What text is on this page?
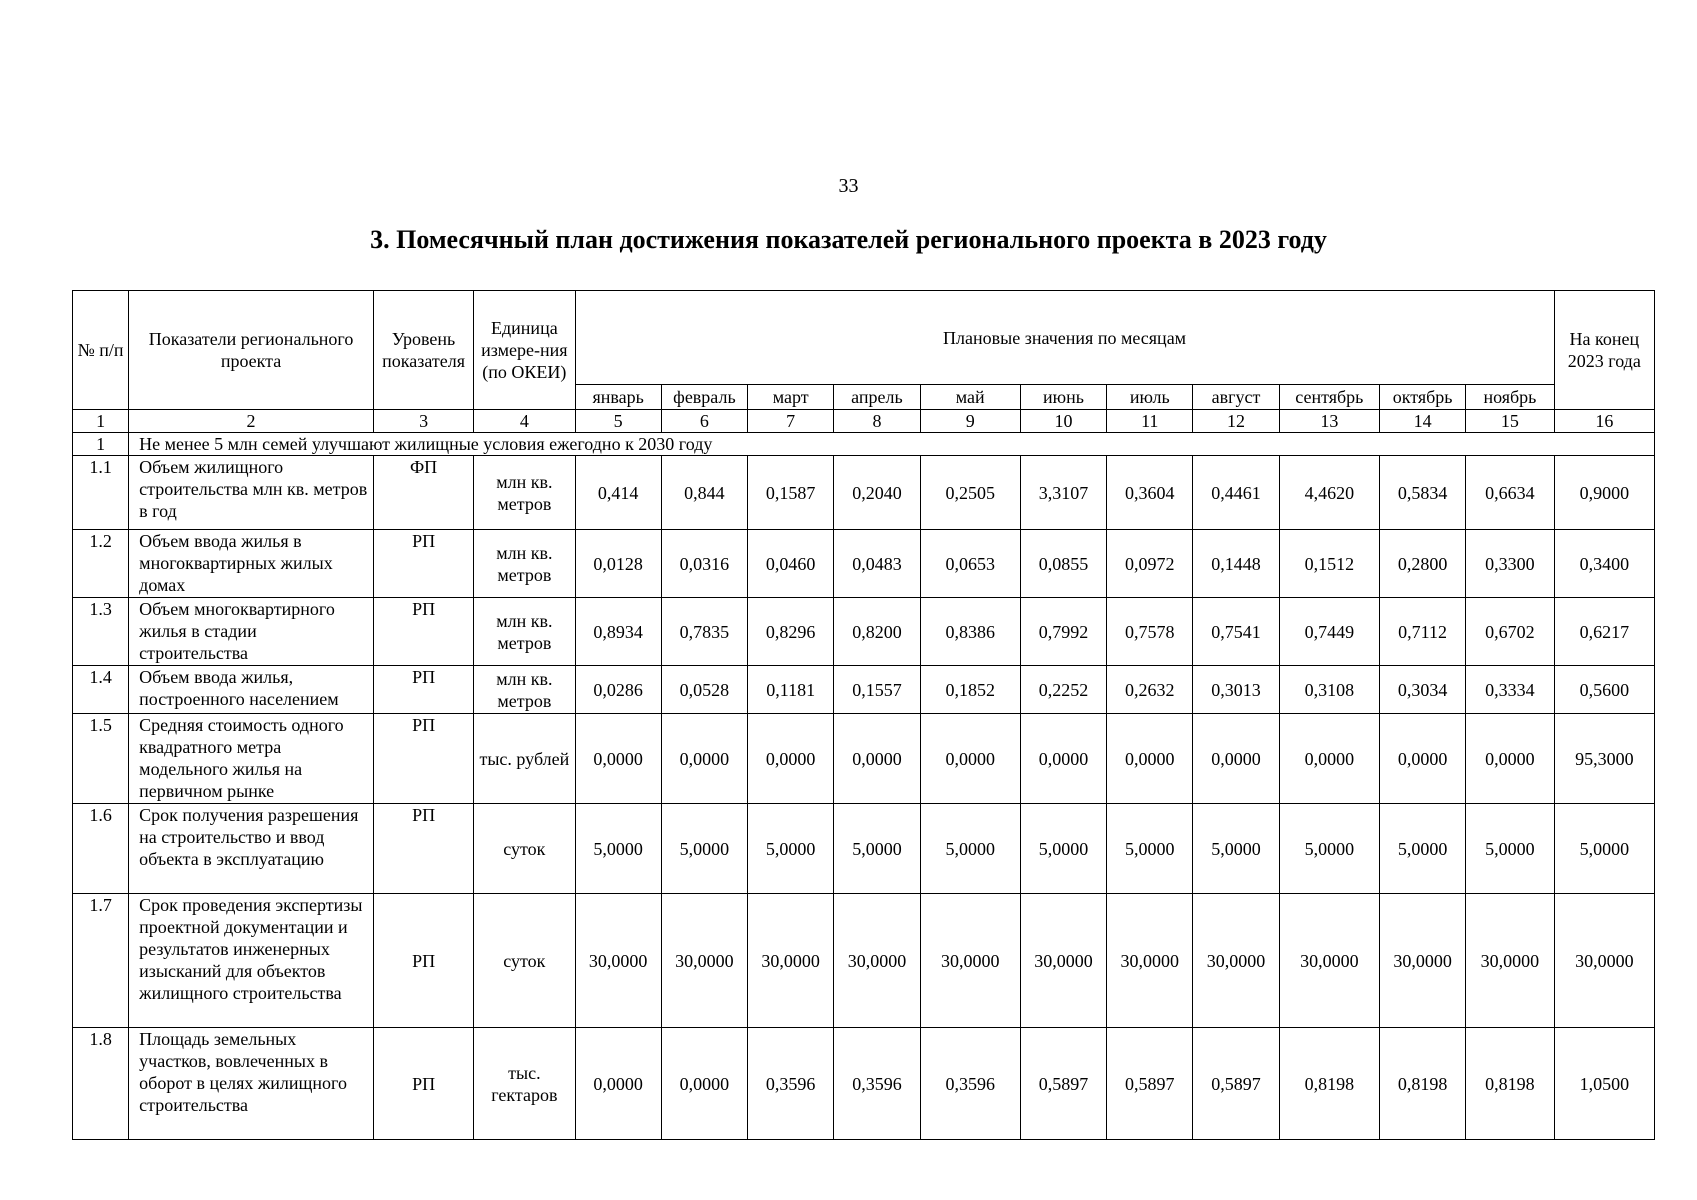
33
3. Помесячный план достижения показателей регионального проекта в 2023 году
№ п/п	Показатели регионального проекта	Уровень показателя	Единица измере-ния (по ОКЕИ)	Плановые значения по месяцам											На конец 2023 года
				январь	февраль	март	апрель	май	июнь	июль	август	сентябрь	октябрь	ноябрь	
1	2	3	4	5	6	7	8	9	10	11	12	13	14	15	16
1	Не менее 5 млн семей улучшают жилищные условия ежегодно к 2030 году														
1.1	Объем жилищного строительства млн кв. метров в год	ФП	млн кв. метров	0,414	0,844	0,1587	0,2040	0,2505	3,3107	0,3604	0,4461	4,4620	0,5834	0,6634	0,9000
1.2	Объем ввода жилья в многоквартирных жилых домах	РП	млн кв. метров	0,0128	0,0316	0,0460	0,0483	0,0653	0,0855	0,0972	0,1448	0,1512	0,2800	0,3300	0,3400
1.3	Объем многоквартирного жилья в стадии строительства	РП	млн кв. метров	0,8934	0,7835	0,8296	0,8200	0,8386	0,7992	0,7578	0,7541	0,7449	0,7112	0,6702	0,6217
1.4	Объем ввода жилья, построенного населением	РП	млн кв. метров	0,0286	0,0528	0,1181	0,1557	0,1852	0,2252	0,2632	0,3013	0,3108	0,3034	0,3334	0,5600
1.5	Средняя стоимость одного квадратного метра модельного жилья на первичном рынке	РП	тыс. рублей	0,0000	0,0000	0,0000	0,0000	0,0000	0,0000	0,0000	0,0000	0,0000	0,0000	0,0000	95,3000
1.6	Срок получения разрешения на строительство и ввод объекта в эксплуатацию	РП	суток	5,0000	5,0000	5,0000	5,0000	5,0000	5,0000	5,0000	5,0000	5,0000	5,0000	5,0000	5,0000
1.7	Срок проведения экспертизы проектной документации и результатов инженерных изысканий для объектов жилищного строительства	РП	суток	30,0000	30,0000	30,0000	30,0000	30,0000	30,0000	30,0000	30,0000	30,0000	30,0000	30,0000	30,0000
1.8	Площадь земельных участков, вовлеченных в оборот в целях жилищного строительства	РП	тыс. гектаров	0,0000	0,0000	0,3596	0,3596	0,3596	0,5897	0,5897	0,5897	0,8198	0,8198	0,8198	1,0500
